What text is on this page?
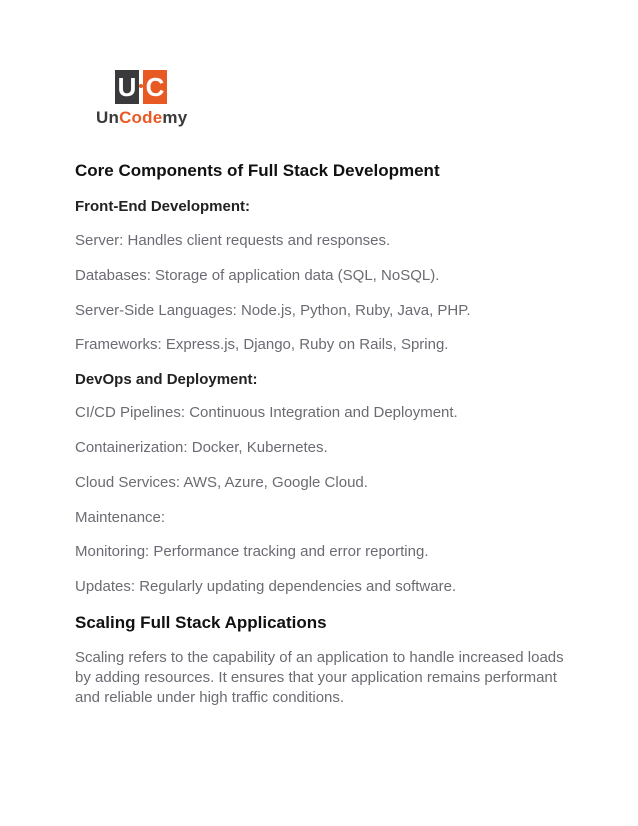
U C
UnCodemy
Core Components of Full Stack Development
Front-End Development:
Server: Handles client requests and responses.
Databases: Storage of application data (SQL, NoSQL).
Server-Side Languages: Node.js, Python, Ruby, Java, PHP.
Frameworks: Express.js, Django, Ruby on Rails, Spring.
DevOps and Deployment:
CI/CD Pipelines: Continuous Integration and Deployment.
Containerization: Docker, Kubernetes.
Cloud Services: AWS, Azure, Google Cloud.
Maintenance:
Monitoring: Performance tracking and error reporting.
Updates: Regularly updating dependencies and software.
Scaling Full Stack Applications

Scaling refers to the capability of an application to handle increased loads by adding resources. It ensures that your application remains performant and reliable under high traffic conditions.
